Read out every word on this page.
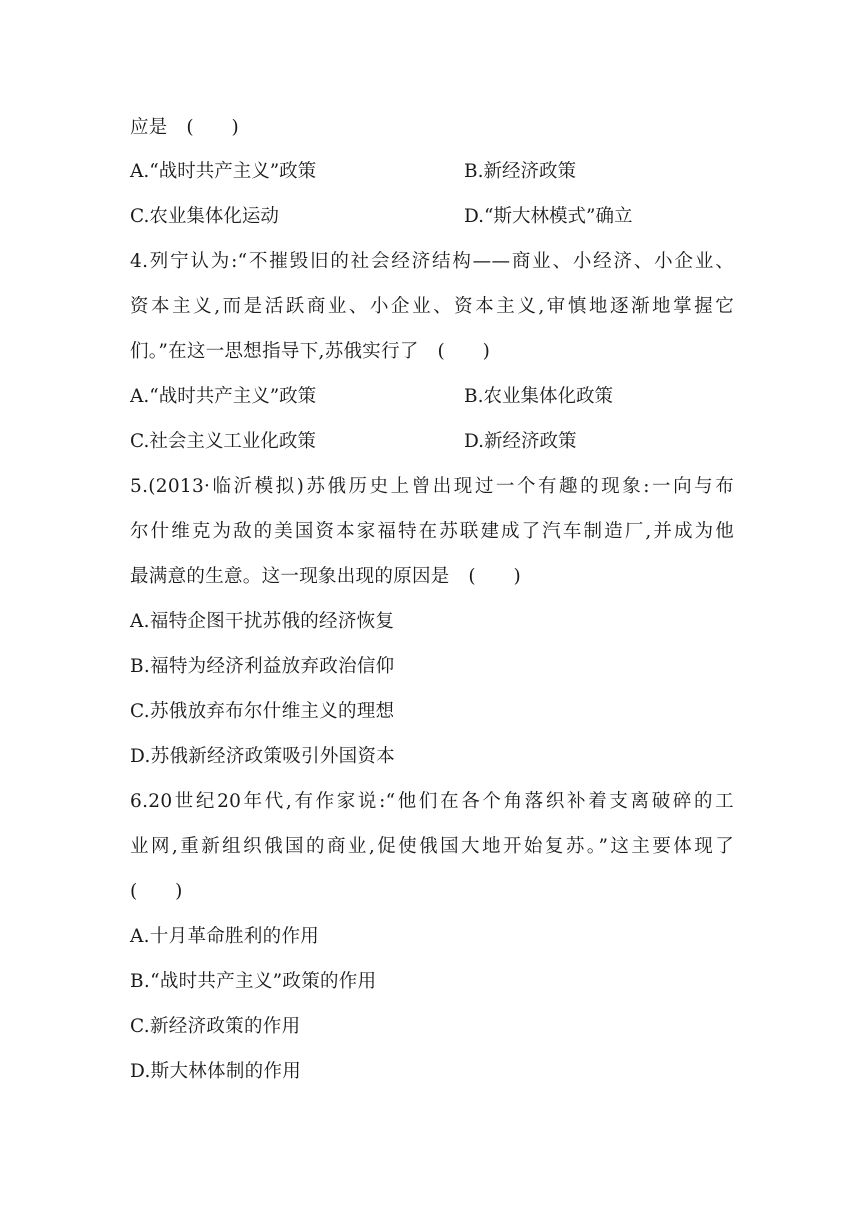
应是　(　　)
A.“战时共产主义”政策	B.新经济政策
C.农业集体化运动	D.“斯大林模式”确立
4.列宁认为:“不摧毁旧的社会经济结构——商业、小经济、小企业、
资本主义,而是活跃商业、小企业、资本主义,审慎地逐渐地掌握它
们。”在这一思想指导下,苏俄实行了　(　　)
A.“战时共产主义”政策	B.农业集体化政策
C.社会主义工业化政策	D.新经济政策
5.(2013·临沂模拟)苏俄历史上曾出现过一个有趣的现象:一向与布
尔什维克为敌的美国资本家福特在苏联建成了汽车制造厂,并成为他
最满意的生意。这一现象出现的原因是　(　　)
A.福特企图干扰苏俄的经济恢复
B.福特为经济利益放弃政治信仰
C.苏俄放弃布尔什维主义的理想
D.苏俄新经济政策吸引外国资本
6.20世纪20年代,有作家说:“他们在各个角落织补着支离破碎的工
业网,重新组织俄国的商业,促使俄国大地开始复苏。”这主要体现了
(　　)
A.十月革命胜利的作用
B.“战时共产主义”政策的作用
C.新经济政策的作用
D.斯大林体制的作用
